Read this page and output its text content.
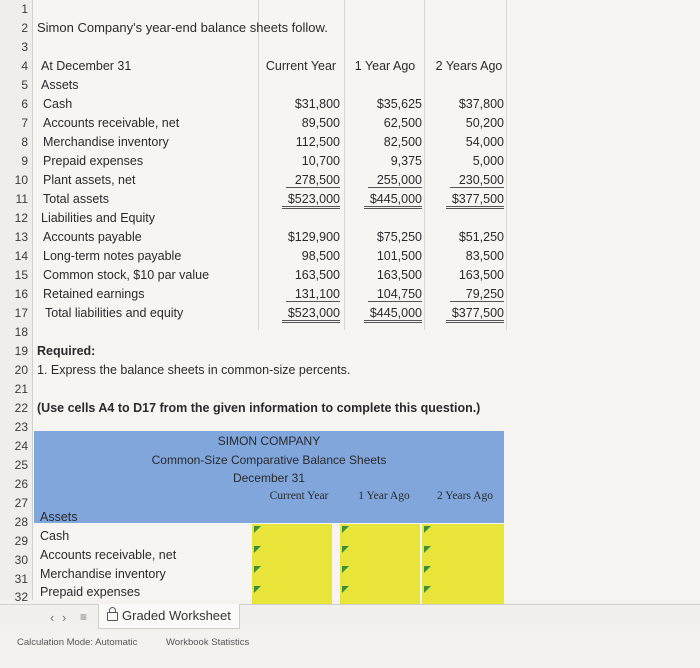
1
2
3
4
5
6
7
8
9
10
11
12
13
14
15
16
17
18
19
20
21
22
23
24
25
26
27
28
29
30
31
32
Simon Company's year-end balance sheets follow.
At December 31	Current Year	1 Year Ago	2 Years Ago
Assets
Cash	$31,800	$35,625	$37,800
Accounts receivable, net	89,500	62,500	50,200
Merchandise inventory	112,500	82,500	54,000
Prepaid expenses	10,700	9,375	5,000
Plant assets, net	278,500	255,000	230,500
Total assets	$523,000	$445,000	$377,500
Liabilities and Equity
Accounts payable	$129,900	$75,250	$51,250
Long-term notes payable	98,500	101,500	83,500
Common stock, $10 par value	163,500	163,500	163,500
Retained earnings	131,100	104,750	79,250
Total liabilities and equity	$523,000	$445,000	$377,500
Required:
1. Express the balance sheets in common-size percents.
(Use cells A4 to D17 from the given information to complete this question.)
SIMON COMPANY
Common-Size Comparative Balance Sheets
December 31
Current Year	1 Year Ago	2 Years Ago
Assets
Cash
Accounts receivable, net
Merchandise inventory
Prepaid expenses
‹ › ≡	Graded Worksheet
Calculation Mode: Automatic	Workbook Statistics
